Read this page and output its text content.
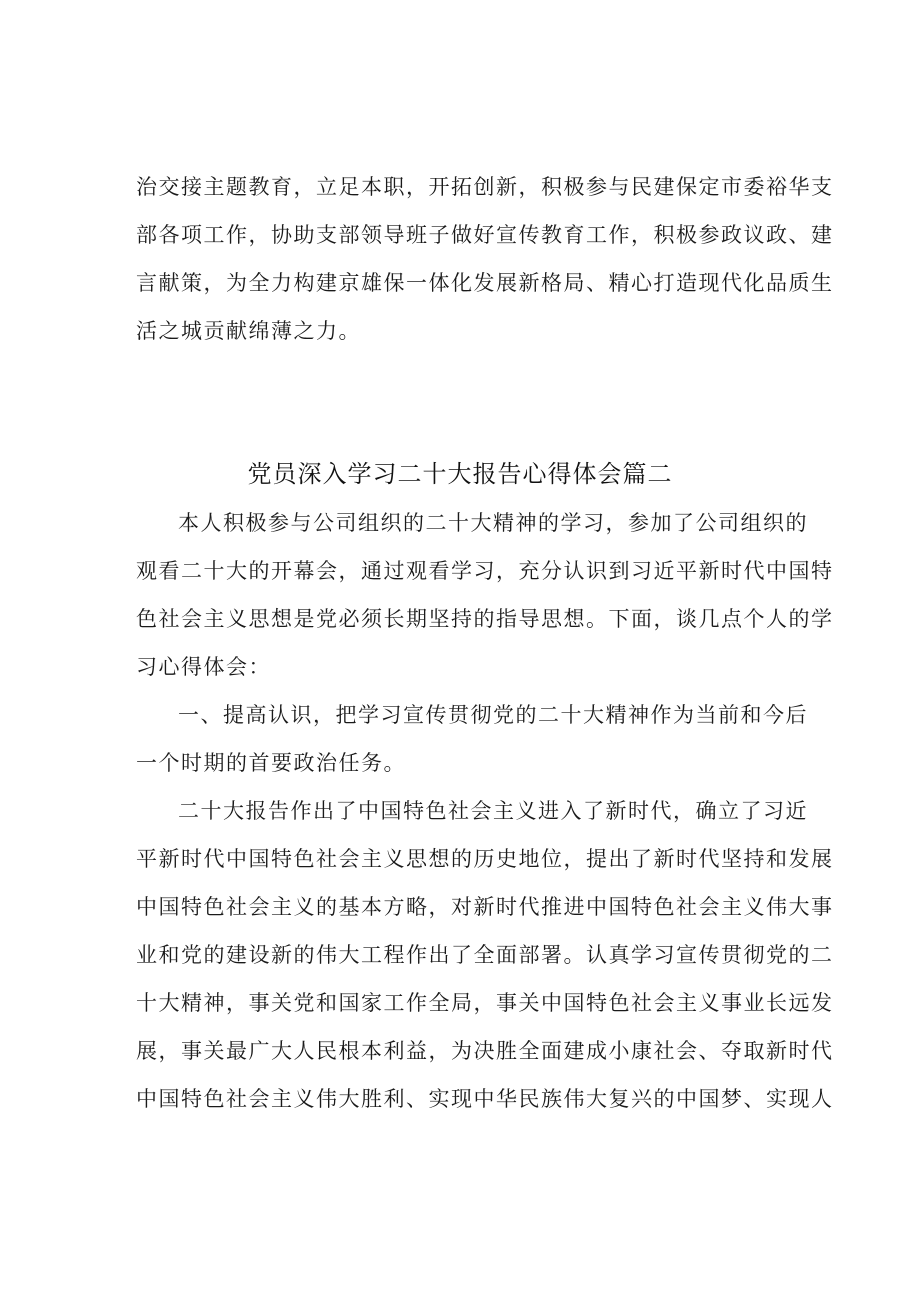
治交接主题教育，立足本职，开拓创新，积极参与民建保定市委裕华支
部各项工作，协助支部领导班子做好宣传教育工作，积极参政议政、建
言献策，为全力构建京雄保一体化发展新格局、精心打造现代化品质生
活之城贡献绵薄之力。
党员深入学习二十大报告心得体会篇二
本人积极参与公司组织的二十大精神的学习，参加了公司组织的
观看二十大的开幕会，通过观看学习，充分认识到习近平新时代中国特
色社会主义思想是党必须长期坚持的指导思想。下面，谈几点个人的学
习心得体会：
一、提高认识，把学习宣传贯彻党的二十大精神作为当前和今后
一个时期的首要政治任务。
二十大报告作出了中国特色社会主义进入了新时代，确立了习近
平新时代中国特色社会主义思想的历史地位，提出了新时代坚持和发展
中国特色社会主义的基本方略，对新时代推进中国特色社会主义伟大事
业和党的建设新的伟大工程作出了全面部署。认真学习宣传贯彻党的二
十大精神，事关党和国家工作全局，事关中国特色社会主义事业长远发
展，事关最广大人民根本利益，为决胜全面建成小康社会、夺取新时代
中国特色社会主义伟大胜利、实现中华民族伟大复兴的中国梦、实现人
